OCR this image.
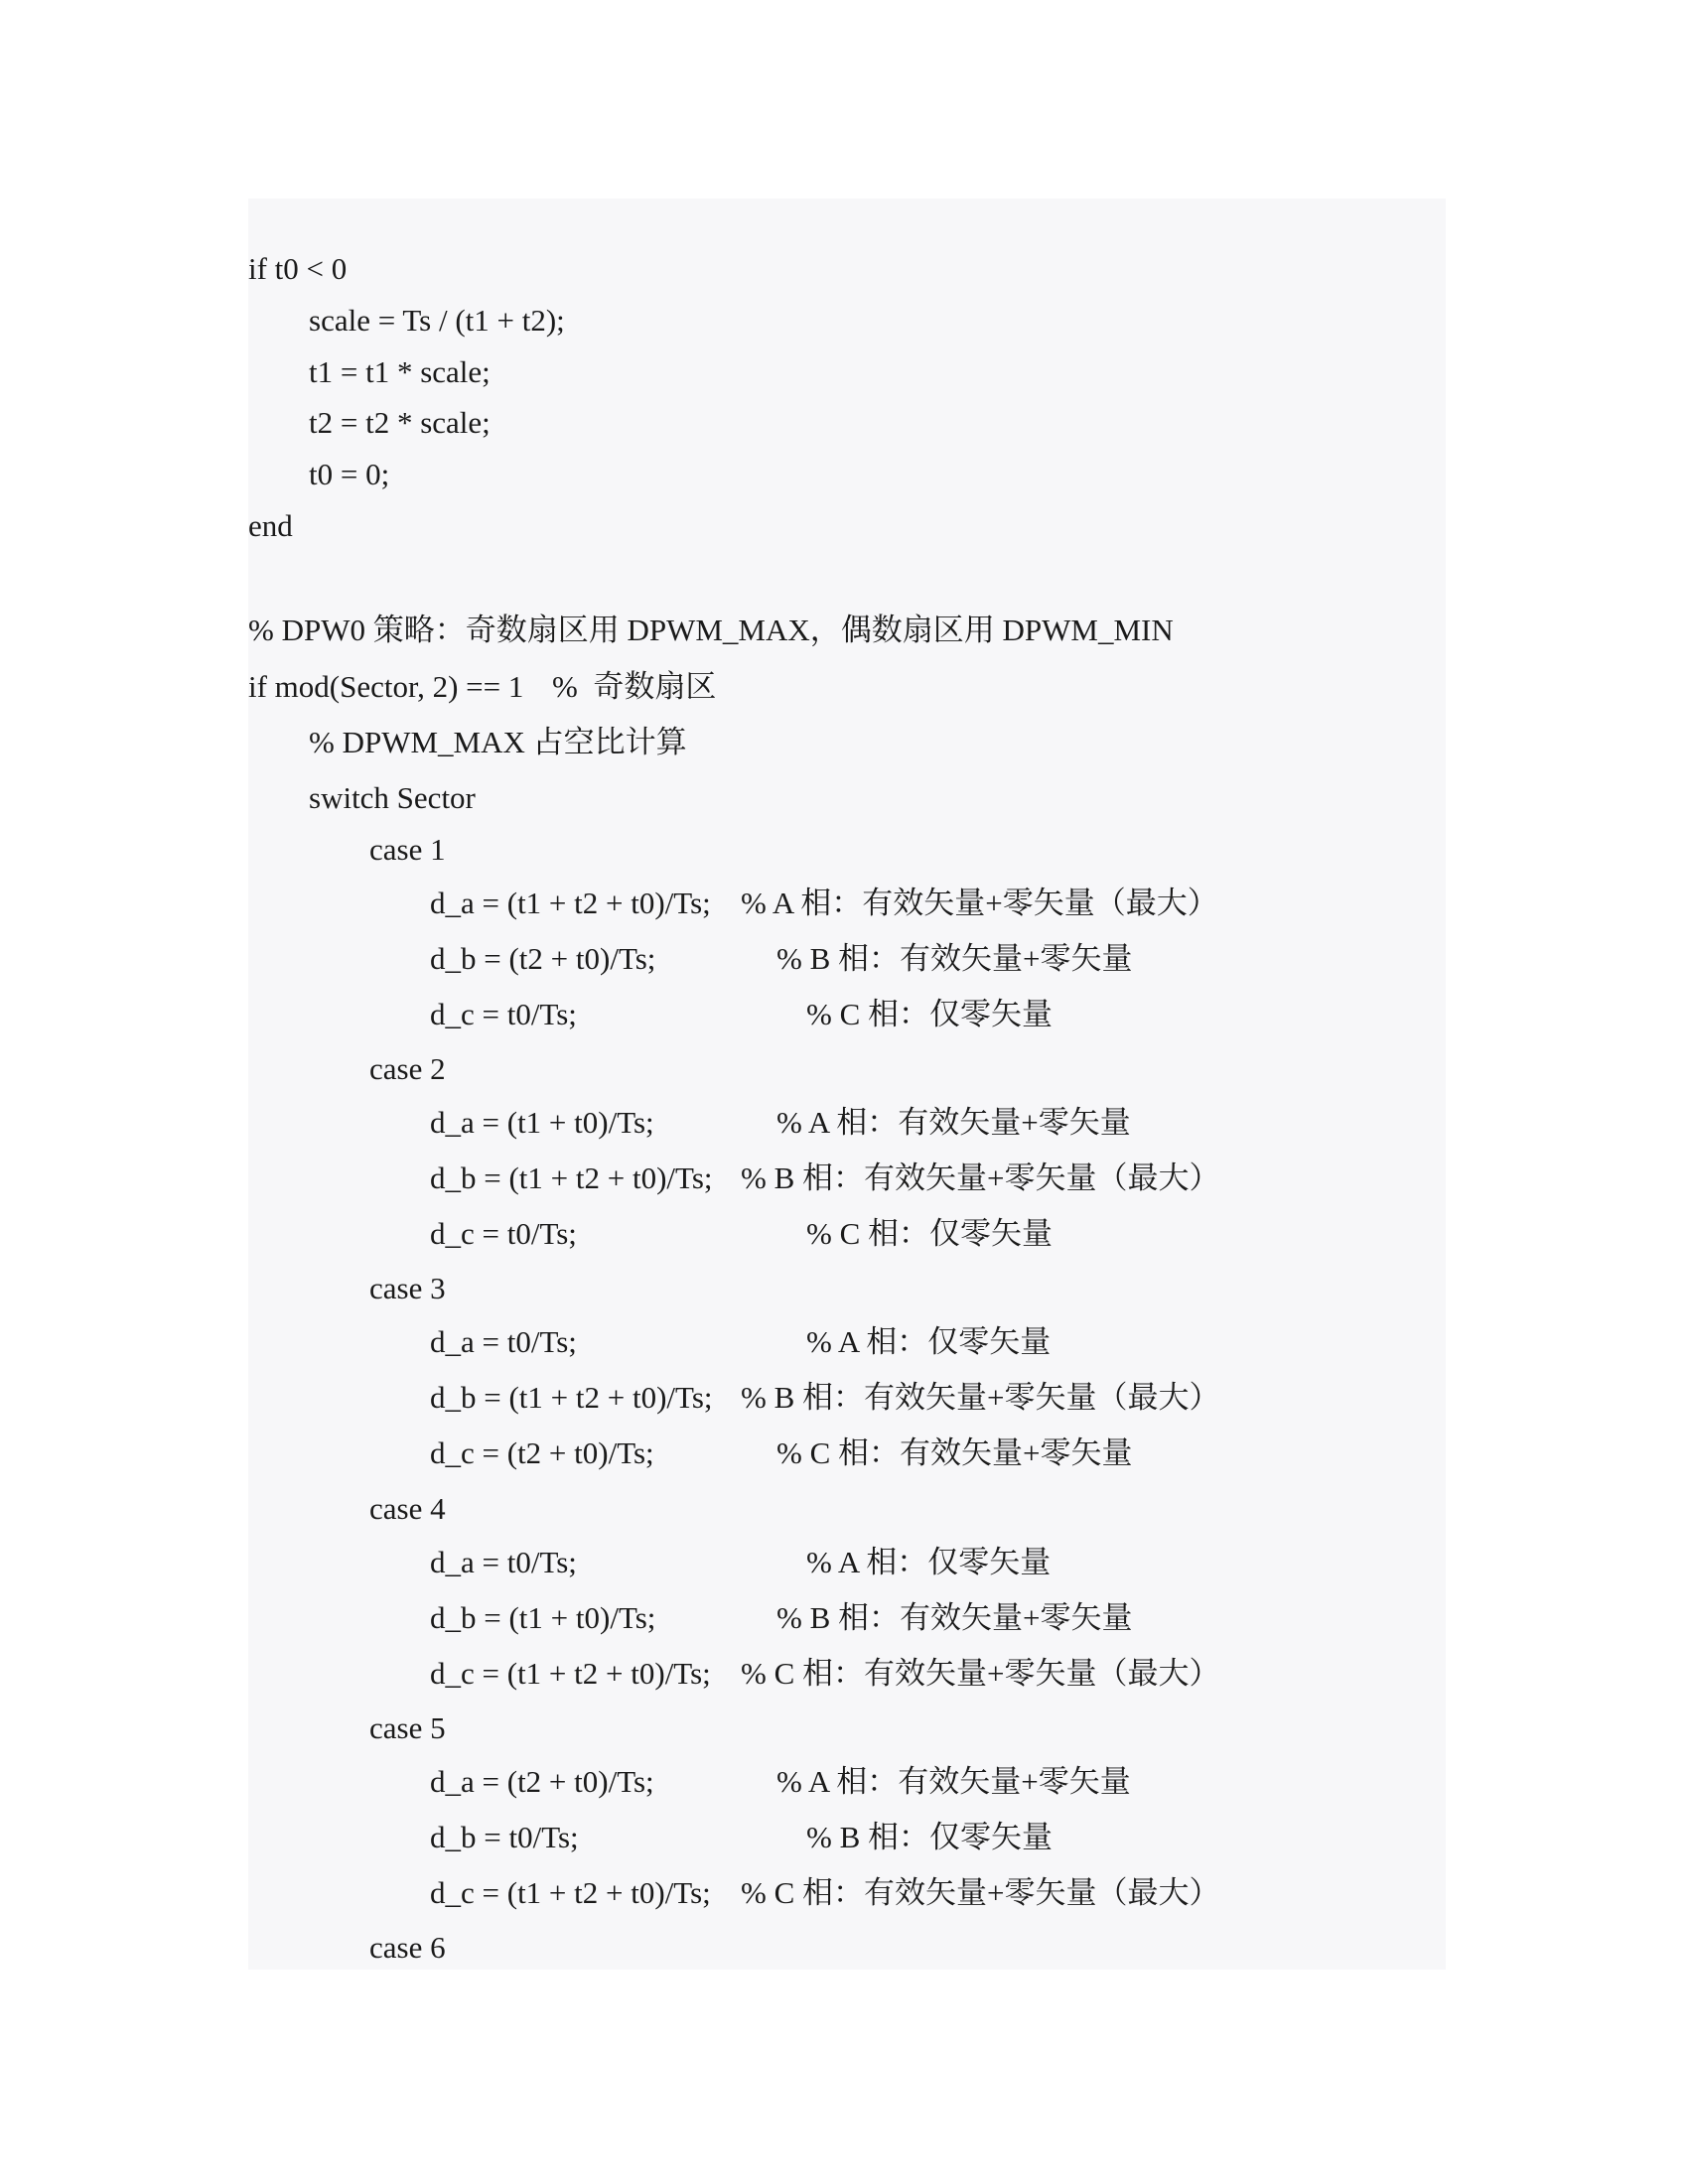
if t0 < 0
scale = Ts / (t1 + t2);
t1 = t1 * scale;
t2 = t2 * scale;
t0 = 0;
end
% DPW0 策略：奇数扇区用 DPWM_MAX，偶数扇区用 DPWM_MIN
if mod(Sector, 2) == 1 %  奇数扇区
% DPWM_MAX 占空比计算
switch Sector
case 1
d_a = (t1 + t2 + t0)/Ts; % A 相：有效矢量+零矢量（最大）
d_b = (t2 + t0)/Ts;	% B 相：有效矢量+零矢量
d_c = t0/Ts;	% C 相：仅零矢量
case 2
d_a = (t1 + t0)/Ts;	% A 相：有效矢量+零矢量
d_b = (t1 + t2 + t0)/Ts; % B 相：有效矢量+零矢量（最大）
d_c = t0/Ts;	% C 相：仅零矢量
case 3
d_a = t0/Ts;	% A 相：仅零矢量
d_b = (t1 + t2 + t0)/Ts; % B 相：有效矢量+零矢量（最大）
d_c = (t2 + t0)/Ts;	% C 相：有效矢量+零矢量
case 4
d_a = t0/Ts;	% A 相：仅零矢量
d_b = (t1 + t0)/Ts;	% B 相：有效矢量+零矢量
d_c = (t1 + t2 + t0)/Ts; % C 相：有效矢量+零矢量（最大）
case 5
d_a = (t2 + t0)/Ts;	% A 相：有效矢量+零矢量
d_b = t0/Ts;	% B 相：仅零矢量
d_c = (t1 + t2 + t0)/Ts; % C 相：有效矢量+零矢量（最大）
case 6
